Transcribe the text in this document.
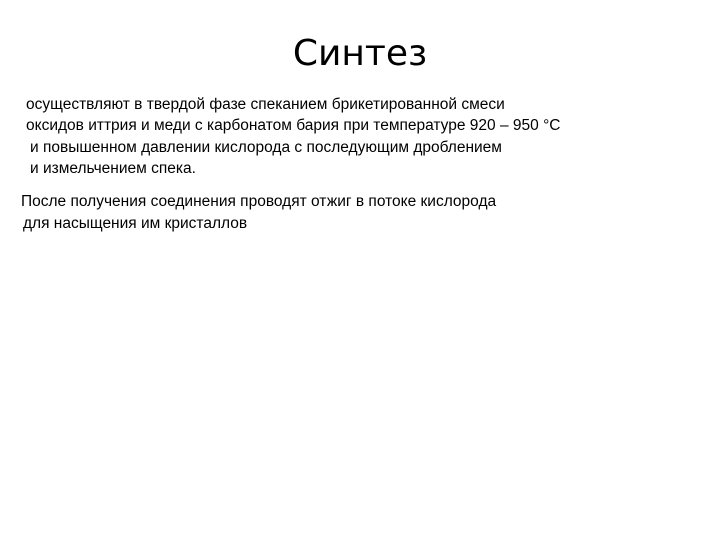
Синтез

осуществляют в твердой фазе спеканием брикетированной смеси

оксидов иттрия и меди с карбонатом бария при температуре 920 – 950 °С

и повышенном давлении кислорода с последующим дроблением

и измельчением спека.

После получения соединения проводят отжиг в потоке кислорода

для насыщения им кристаллов
